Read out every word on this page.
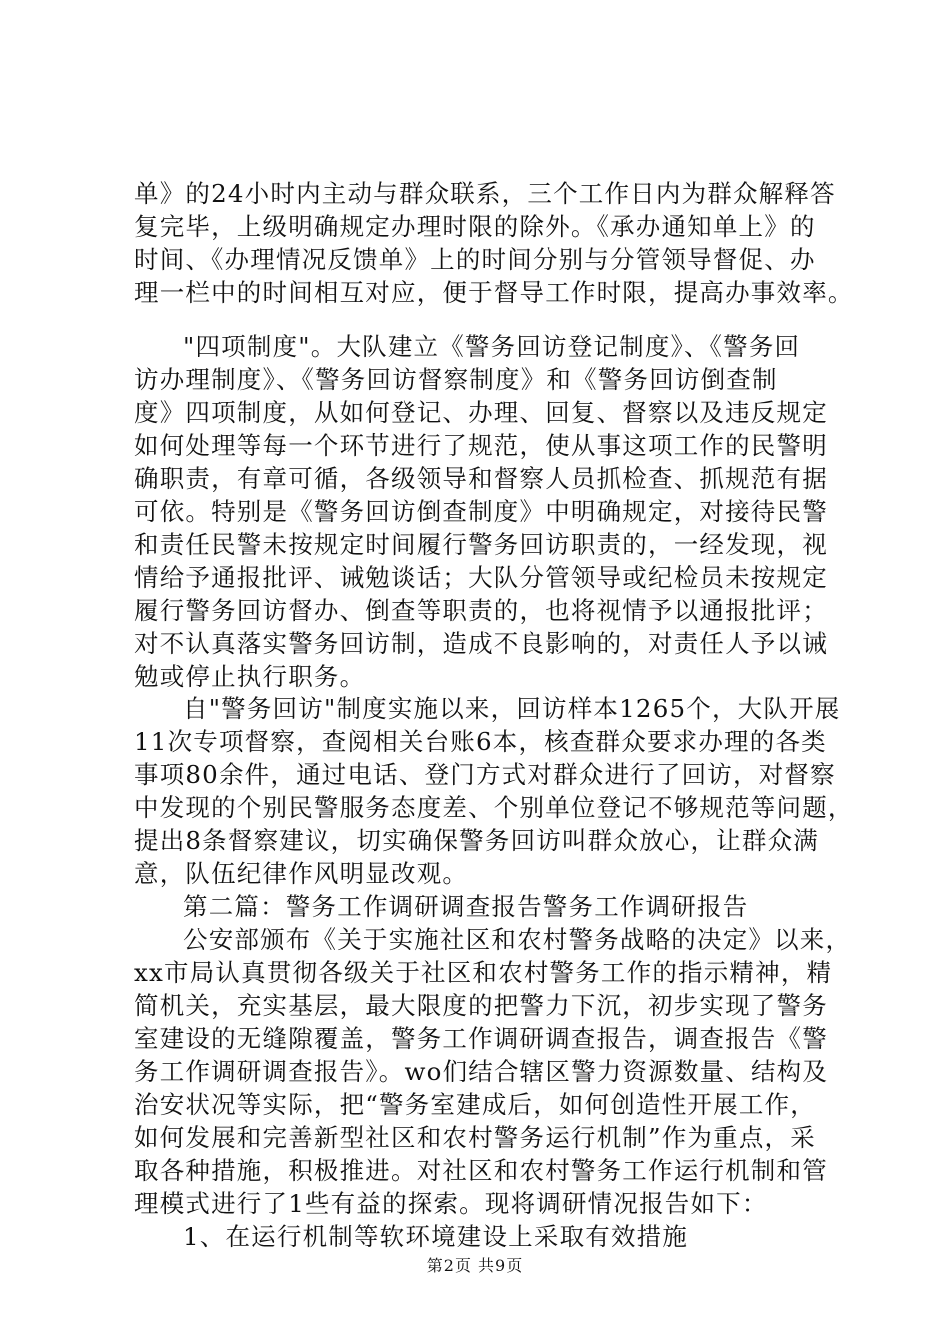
单》的24小时内主动与群众联系，三个工作日内为群众解释答
复完毕，上级明确规定办理时限的除外。《承办通知单上》的
时间、《办理情况反馈单》上的时间分别与分管领导督促、办
理一栏中的时间相互对应，便于督导工作时限，提高办事效率。
"四项制度"。大队建立《警务回访登记制度》、《警务回
访办理制度》、《警务回访督察制度》和《警务回访倒查制
度》四项制度，从如何登记、办理、回复、督察以及违反规定
如何处理等每一个环节进行了规范，使从事这项工作的民警明
确职责，有章可循，各级领导和督察人员抓检查、抓规范有据
可依。特别是《警务回访倒查制度》中明确规定，对接待民警
和责任民警未按规定时间履行警务回访职责的，一经发现，视
情给予通报批评、诫勉谈话；大队分管领导或纪检员未按规定
履行警务回访督办、倒查等职责的，也将视情予以通报批评；
对不认真落实警务回访制，造成不良影响的，对责任人予以诫
勉或停止执行职务。
自"警务回访"制度实施以来，回访样本1265个，大队开展
11次专项督察，查阅相关台账6本，核查群众要求办理的各类
事项80余件，通过电话、登门方式对群众进行了回访，对督察
中发现的个别民警服务态度差、个别单位登记不够规范等问题，
提出8条督察建议，切实确保警务回访叫群众放心，让群众满
意，队伍纪律作风明显改观。
第二篇：警务工作调研调查报告警务工作调研报告
公安部颁布《关于实施社区和农村警务战略的决定》以来，
xx市局认真贯彻各级关于社区和农村警务工作的指示精神，精
简机关，充实基层，最大限度的把警力下沉，初步实现了警务
室建设的无缝隙覆盖，警务工作调研调查报告，调查报告《警
务工作调研调查报告》。wo们结合辖区警力资源数量、结构及
治安状况等实际，把“警务室建成后，如何创造性开展工作，
如何发展和完善新型社区和农村警务运行机制”作为重点，采
取各种措施，积极推进。对社区和农村警务工作运行机制和管
理模式进行了1些有益的探索。现将调研情况报告如下：
1、在运行机制等软环境建设上采取有效措施
第2页 共9页
